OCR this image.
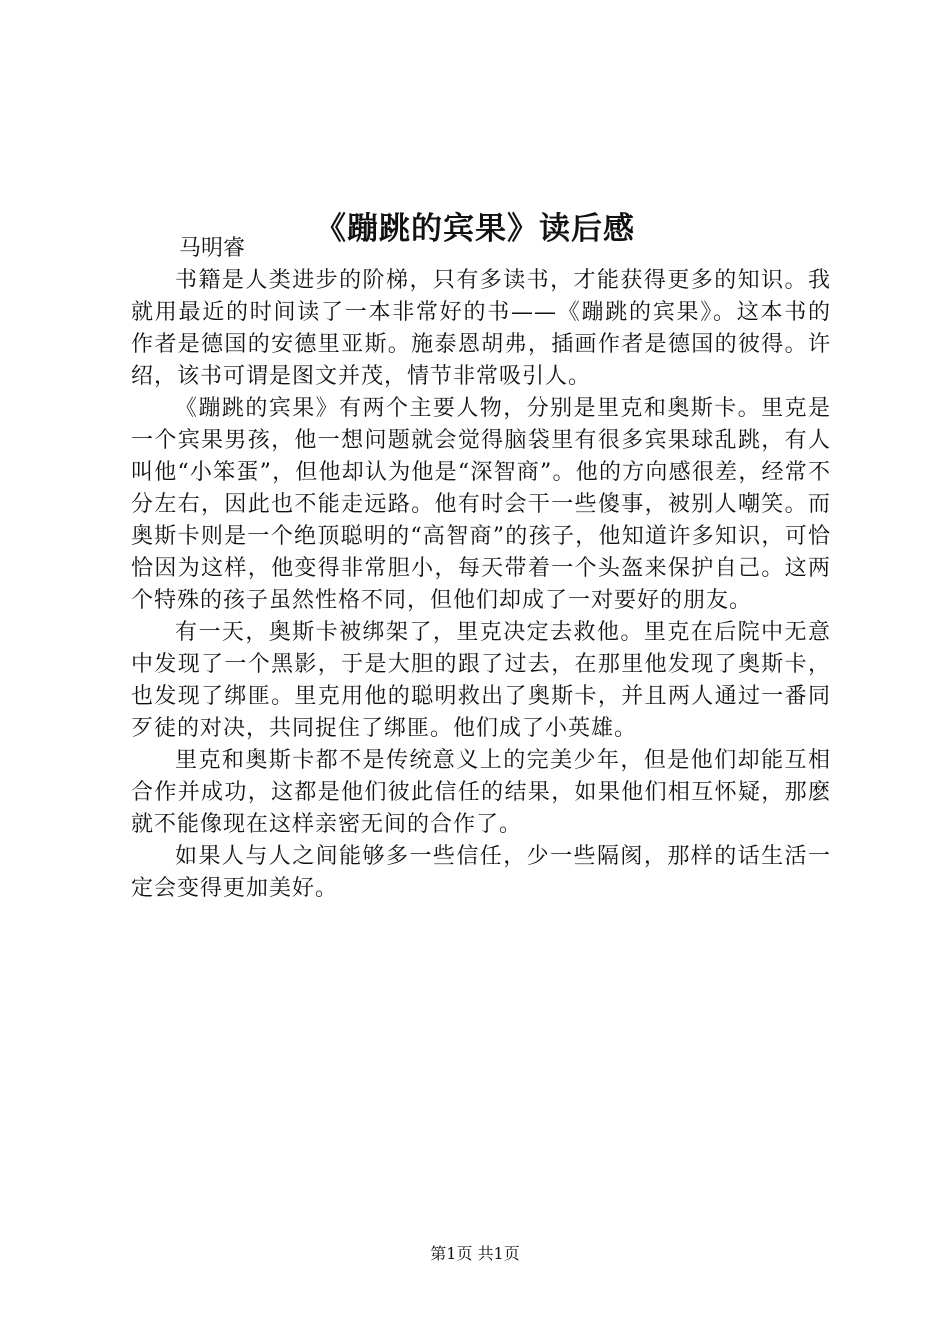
《蹦跳的宾果》读后感

马明睿

书籍是人类进步的阶梯，只有多读书，才能获得更多的知识。我就用最近的时间读了一本非常好的书——《蹦跳的宾果》。这本书的作者是德国的安德里亚斯。施泰恩胡弗，插画作者是德国的彼得。许绍，该书可谓是图文并茂，情节非常吸引人。

《蹦跳的宾果》有两个主要人物，分别是里克和奥斯卡。里克是一个宾果男孩，他一想问题就会觉得脑袋里有很多宾果球乱跳，有人叫他“小笨蛋”，但他却认为他是“深智商”。他的方向感很差，经常不分左右，因此也不能走远路。他有时会干一些傻事，被别人嘲笑。而奥斯卡则是一个绝顶聪明的“高智商”的孩子，他知道许多知识，可恰恰因为这样，他变得非常胆小，每天带着一个头盔来保护自己。这两个特殊的孩子虽然性格不同，但他们却成了一对要好的朋友。

有一天，奥斯卡被绑架了，里克决定去救他。里克在后院中无意中发现了一个黑影，于是大胆的跟了过去，在那里他发现了奥斯卡，也发现了绑匪。里克用他的聪明救出了奥斯卡，并且两人通过一番同歹徒的对决，共同捉住了绑匪。他们成了小英雄。

里克和奥斯卡都不是传统意义上的完美少年，但是他们却能互相合作并成功，这都是他们彼此信任的结果，如果他们相互怀疑，那麽就不能像现在这样亲密无间的合作了。

如果人与人之间能够多一些信任，少一些隔阂，那样的话生活一定会变得更加美好。

第1页 共1页
